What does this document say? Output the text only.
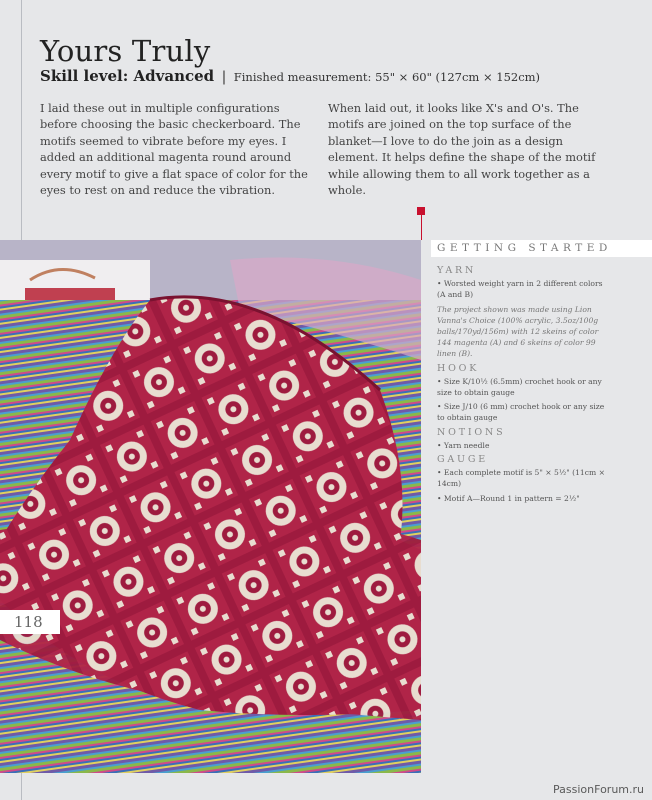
Yours Truly
Skill level: Advanced | Finished measurement: 55" × 60" (127cm × 152cm)

I laid these out in multiple configurations before choosing the basic checkerboard. The motifs seemed to vibrate before my eyes. I added an additional magenta round around every motif to give a flat space of color for the eyes to rest on and reduce the vibration.

When laid out, it looks like X's and O's. The motifs are joined on the top surface of the blanket—I love to do the join as a design element. It helps define the shape of the motif while allowing them to all work together as a whole.

118
GETTING STARTED
YARN

• Worsted weight yarn in 2 different colors (A and B)

The project shown was made using Lion Vanna's Choice (100% acrylic, 3.5oz/100g balls/170yd/156m) with 12 skeins of color 144 magenta (A) and 6 skeins of color 99 linen (B).

HOOK

• Size K/10½ (6.5mm) crochet hook or any size to obtain gauge

• Size J/10 (6 mm) crochet hook or any size to obtain gauge

NOTIONS

• Yarn needle

GAUGE

• Each complete motif is 5" × 5½" (11cm × 14cm)

• Motif A—Round 1 in pattern = 2½"

PassionForum.ru
